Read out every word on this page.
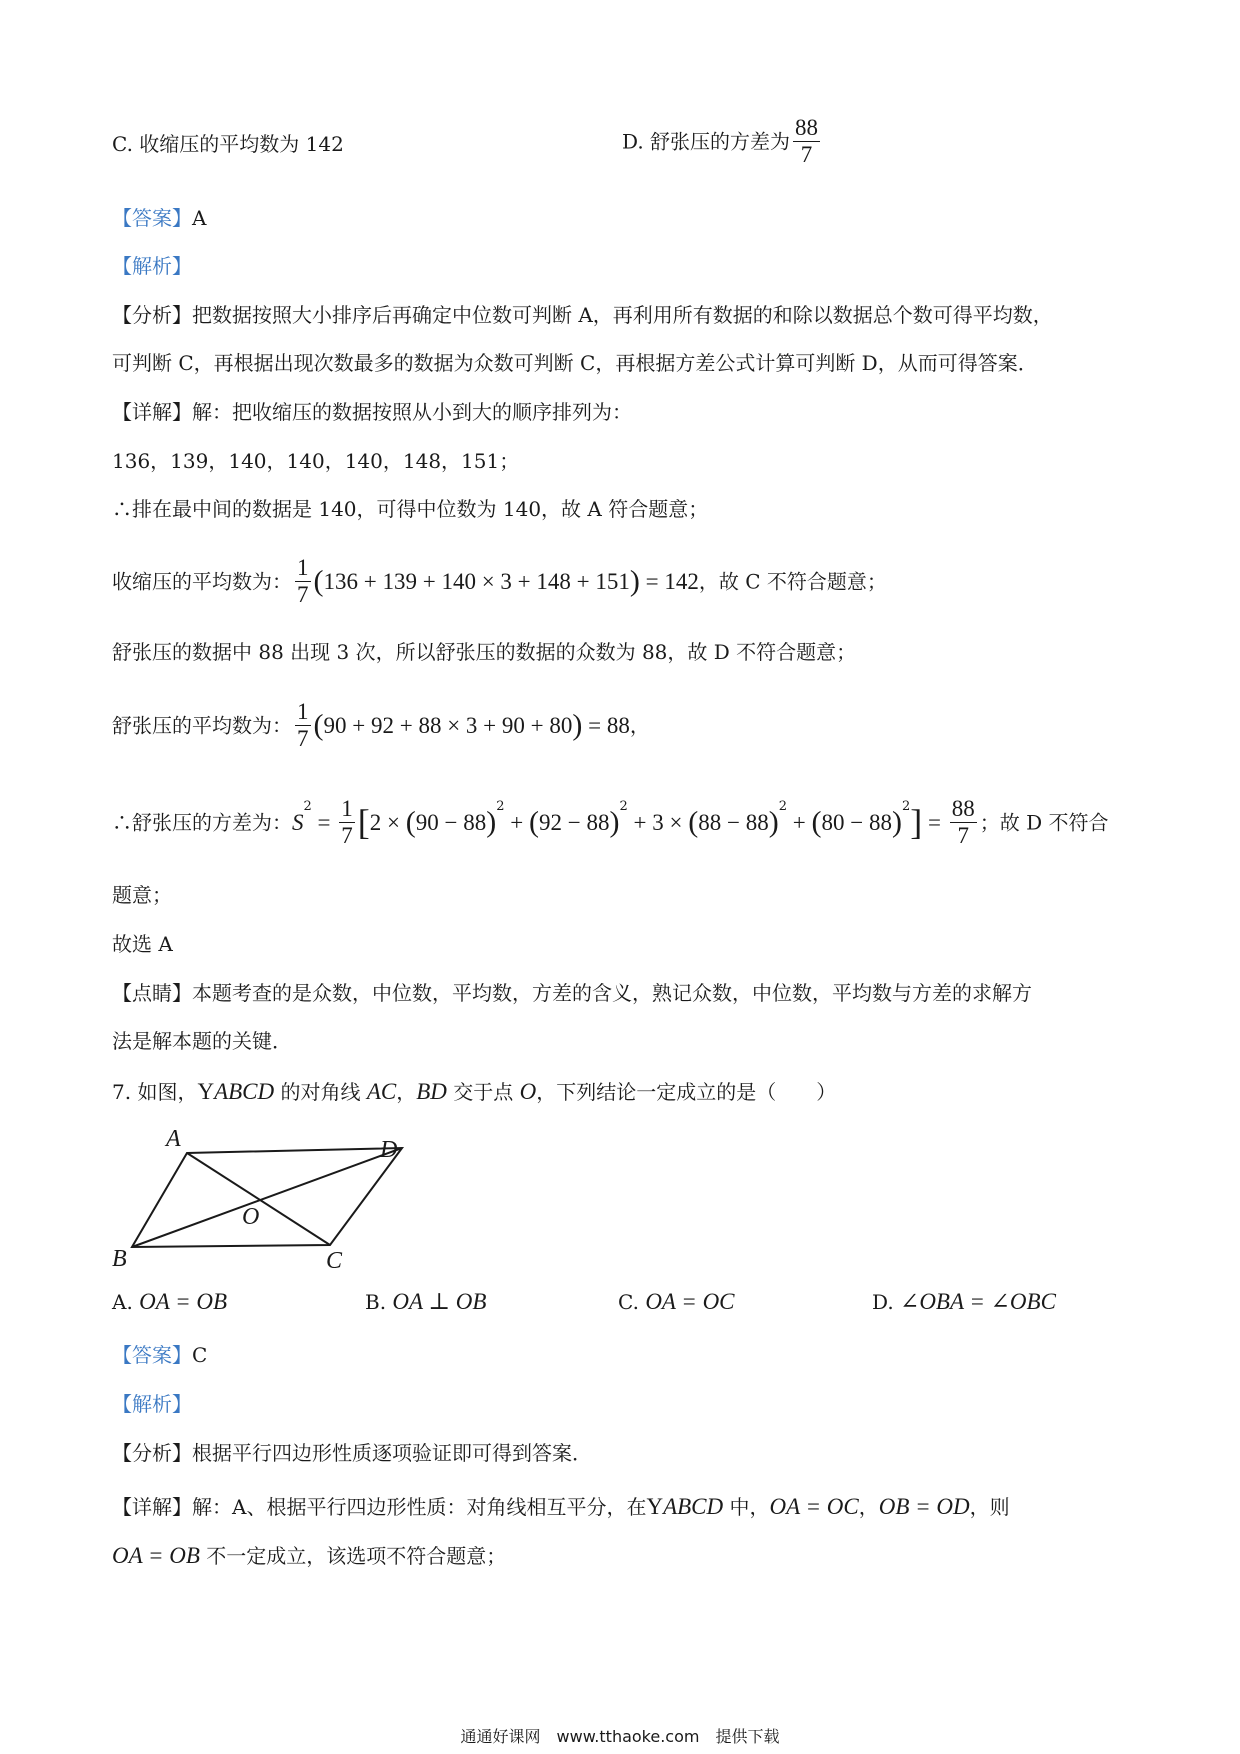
C. 收缩压的平均数为 142	D. 舒张压的方差为 $\frac{88}{7}$
【答案】A
【解析】
【分析】把数据按照大小排序后再确定中位数可判断 A，再利用所有数据的和除以数据总个数可得平均数，
可判断 C，再根据出现次数最多的数据为众数可判断 C，再根据方差公式计算可判断 D，从而可得答案．
【详解】解：把收缩压的数据按照从小到大的顺序排列为：
136，139，140，140，140，148，151；
∴排在最中间的数据是 140，可得中位数为 140，故 A 符合题意；
收缩压的平均数为： $\frac{1}{7} (136 + 139 + 140 \times 3 + 148 + 151) = 142$，故 C 不符合题意；
舒张压的数据中 88 出现 3 次，所以舒张压的数据的众数为 88，故 D 不符合题意；
舒张压的平均数为： $\frac{1}{7} (90 + 92 + 88 \times 3 + 90 + 80) = 88$，
∴舒张压的方差为：$S^2 = \frac{1}{7} [2 \times (90 - 88)^2 + (92 - 88)^2 + 3 \times (88 - 88)^2 + (80 - 88)^2] = \frac{88}{7}$ ；故 D 不符合
题意；
故选 A
【点睛】本题考查的是众数，中位数，平均数，方差的含义，熟记众数，中位数，平均数与方差的求解方
法是解本题的关键．
7. 如图，YABCD 的对角线 AC，BD 交于点 O，下列结论一定成立的是（　　）
A	D
O
B	C
A. OA = OB	B. OA ⊥ OB	C. OA = OC	D. ∠OBA = ∠OBC
【答案】C
【解析】
【分析】根据平行四边形性质逐项验证即可得到答案．
【详解】解：A、根据平行四边形性质：对角线相互平分，在YABCD 中，OA = OC，OB = OD，则
OA = OB 不一定成立，该选项不符合题意；
通通好课网　www.tthaoke.com　提供下载
